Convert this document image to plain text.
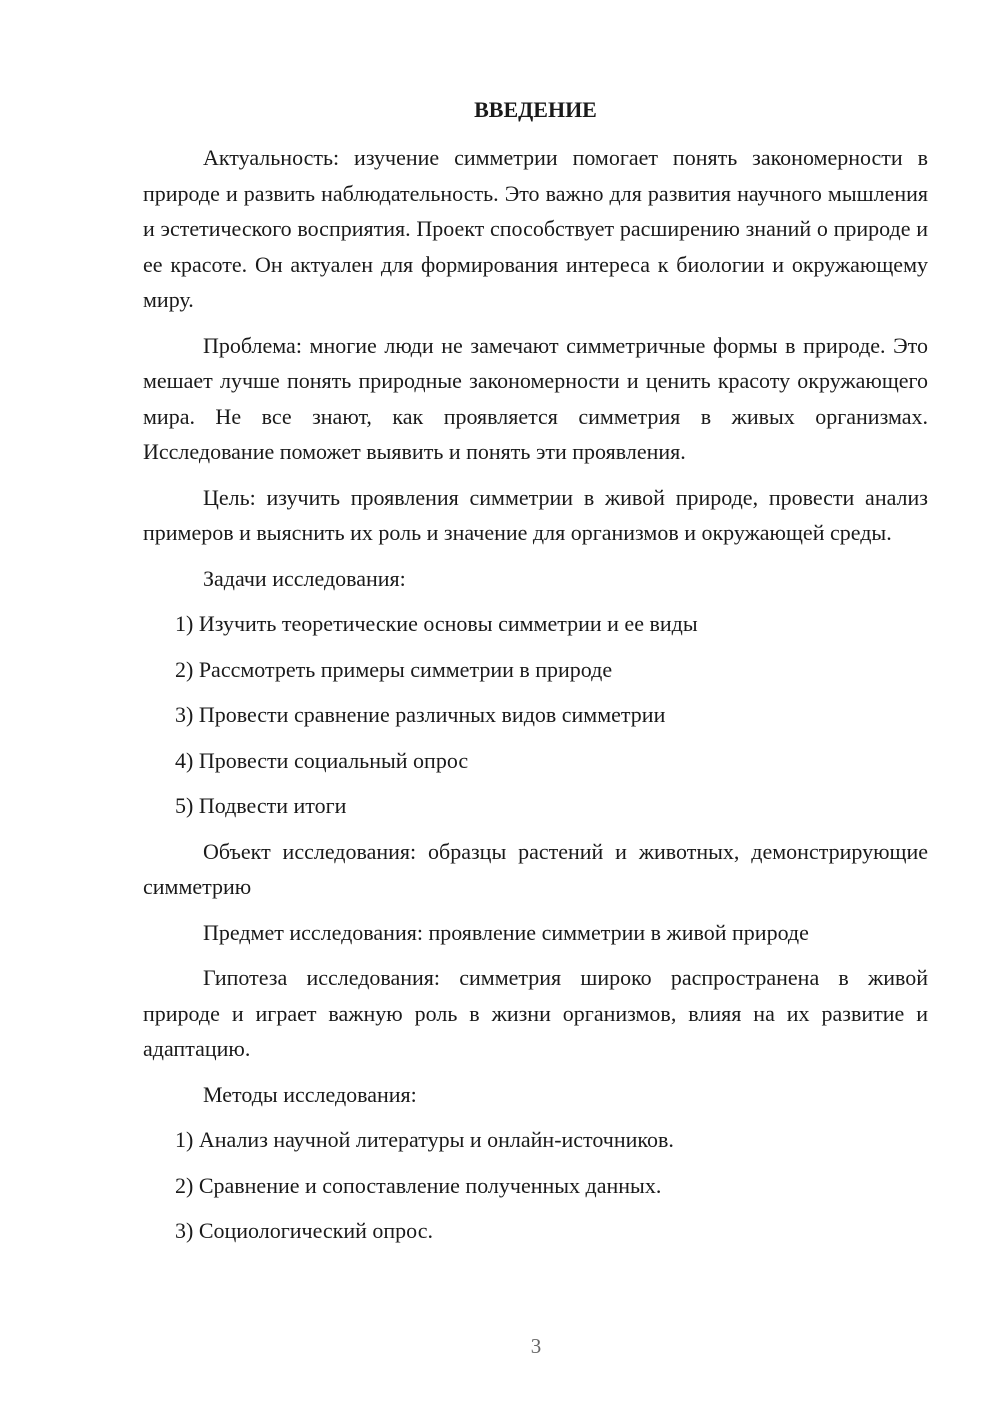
ВВЕДЕНИЕ

Актуальность: изучение симметрии помогает понять закономерности в природе и развить наблюдательность. Это важно для развития научного мышления и эстетического восприятия. Проект способствует расширению знаний о природе и ее красоте. Он актуален для формирования интереса к биологии и окружающему миру.

Проблема: многие люди не замечают симметричные формы в природе. Это мешает лучше понять природные закономерности и ценить красоту окружающего мира. Не все знают, как проявляется симметрия в живых организмах. Исследование поможет выявить и понять эти проявления.

Цель: изучить проявления симметрии в живой природе, провести анализ примеров и выяснить их роль и значение для организмов и окружающей среды.

Задачи исследования:

1) Изучить теоретические основы симметрии и ее виды
2) Рассмотреть примеры симметрии в природе
3) Провести сравнение различных видов симметрии
4) Провести социальный опрос
5) Подвести итоги

Объект исследования: образцы растений и животных, демонстрирующие симметрию

Предмет исследования: проявление симметрии в живой природе

Гипотеза исследования: симметрия широко распространена в живой природе и играет важную роль в жизни организмов, влияя на их развитие и адаптацию.

Методы исследования:

1) Анализ научной литературы и онлайн-источников.
2) Сравнение и сопоставление полученных данных.
3) Социологический опрос.
3
